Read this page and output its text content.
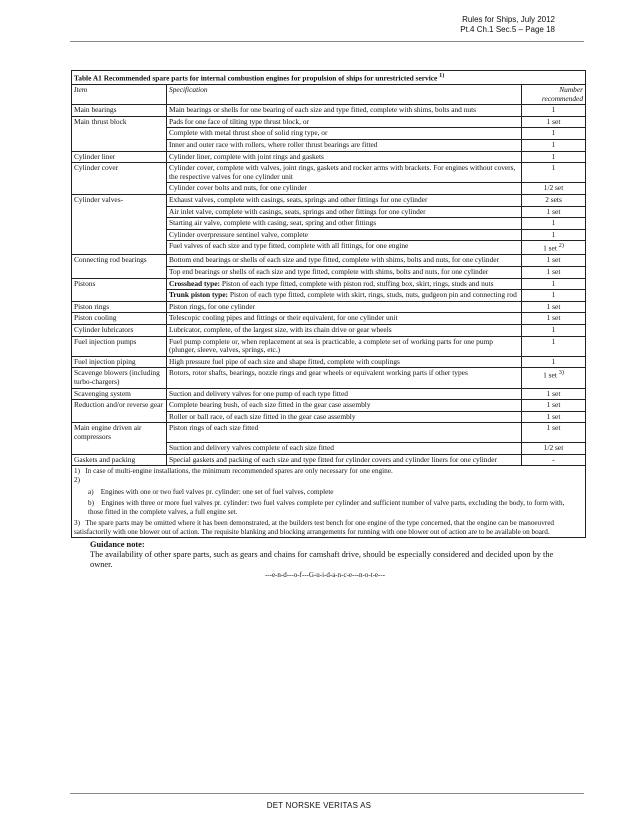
Rules for Ships, July 2012
Pt.4 Ch.1 Sec.5 – Page 18
Table A1 Recommended spare parts for internal combustion engines for propulsion of ships for unrestricted service $^{1)}$
Item	Specification	Number recommended
Main bearings	Main bearings or shells for one bearing of each size and type fitted, complete with shims, bolts and nuts	1
Main thrust block	Pads for one face of tilting type thrust block, or	1 set
	Complete with metal thrust shoe of solid ring type, or	1
	Inner and outer race with rollers, where roller thrust bearings are fitted	1
Cylinder liner	Cylinder liner, complete with joint rings and gaskets	1
Cylinder cover	Cylinder cover, complete with valves, joint rings, gaskets and rocker arms with brackets. For engines without covers, the respective valves for one cylinder unit	1
	Cylinder cover bolts and nuts, for one cylinder	1/2 set
Cylinder valves-	Exhaust valves, complete with casings, seats, springs and other fittings for one cylinder	2 sets
	Air inlet valve, complete with casings, seats, springs and other fittings for one cylinder	1 set
	Starting air valve, complete with casing, seat, spring and other fittings	1
	Cylinder overpressure sentinel valve, complete	1
	Fuel valves of each size and type fitted, complete with all fittings, for one engine	1 set $^{2)}$
Connecting rod bearings	Bottom end bearings or shells of each size and type fitted, complete with shims, bolts and nuts, for one cylinder	1 set
	Top end bearings or shells of each size and type fitted, complete with shims, bolts and nuts, for one cylinder	1 set
Pistons	Crosshead type: Piston of each type fitted, complete with piston rod, stuffing box, skirt, rings, studs and nuts	1
	Trunk piston type: Piston of each type fitted, complete with skirt, rings, studs, nuts, gudgeon pin and connecting rod	1
Piston rings	Piston rings, for one cylinder	1 set
Piston cooling	Telescopic cooling pipes and fittings or their equivalent, for one cylinder unit	1 set
Cylinder lubricators	Lubricator, complete, of the largest size, with its chain drive or gear wheels	1
Fuel injection pumps	Fuel pump complete or, when replacement at sea is practicable, a complete set of working parts for one pump (plunger, sleeve, valves, springs, etc.)	1
Fuel injection piping	High pressure fuel pipe of each size and shape fitted, complete with couplings	1
Scavenge blowers (including turbo-chargers)	Rotors, rotor shafts, bearings, nozzle rings and gear wheels or equivalent working parts if other types	1 set $^{3)}$
Scavenging system	Suction and delivery valves for one pump of each type fitted	1 set
Reduction and/or reverse gear	Complete bearing bush, of each size fitted in the gear case assembly	1 set
	Roller or ball race, of each size fitted in the gear case assembly	1 set
Main engine driven air compressors	Piston rings of each size fitted	1 set
	Suction and delivery valves complete of each size fitted	1/2 set
Gaskets and packing	Special gaskets and packing of each size and type fitted for cylinder covers and cylinder liners for one cylinder	-

1)   In case of multi-engine installations, the minimum recommended spares are only necessary for one engine.
2)
a)    Engines with one or two fuel valves pr. cylinder: one set of fuel valves, complete
b)    Engines with three or more fuel valves pr. cylinder: two fuel valves complete per cylinder and sufficient number of valve parts, excluding the body, to form with, those fitted in the complete valves, a full engine set.
3)   The spare parts may be omitted where it has been demonstrated, at the builders test bench for one engine of the type concerned, that the engine can be manoeuvred satisfactorily with one blower out of action. The requisite blanking and blocking arrangements for running with one blower out of action are to be available on board.		
Guidance note:
The availability of other spare parts, such as gears and chains for camshaft drive, should be especially considered and decided upon by the owner.
---e-n-d---o-f---G-u-i-d-a-n-c-e---n-o-t-e---
DET NORSKE VERITAS AS
